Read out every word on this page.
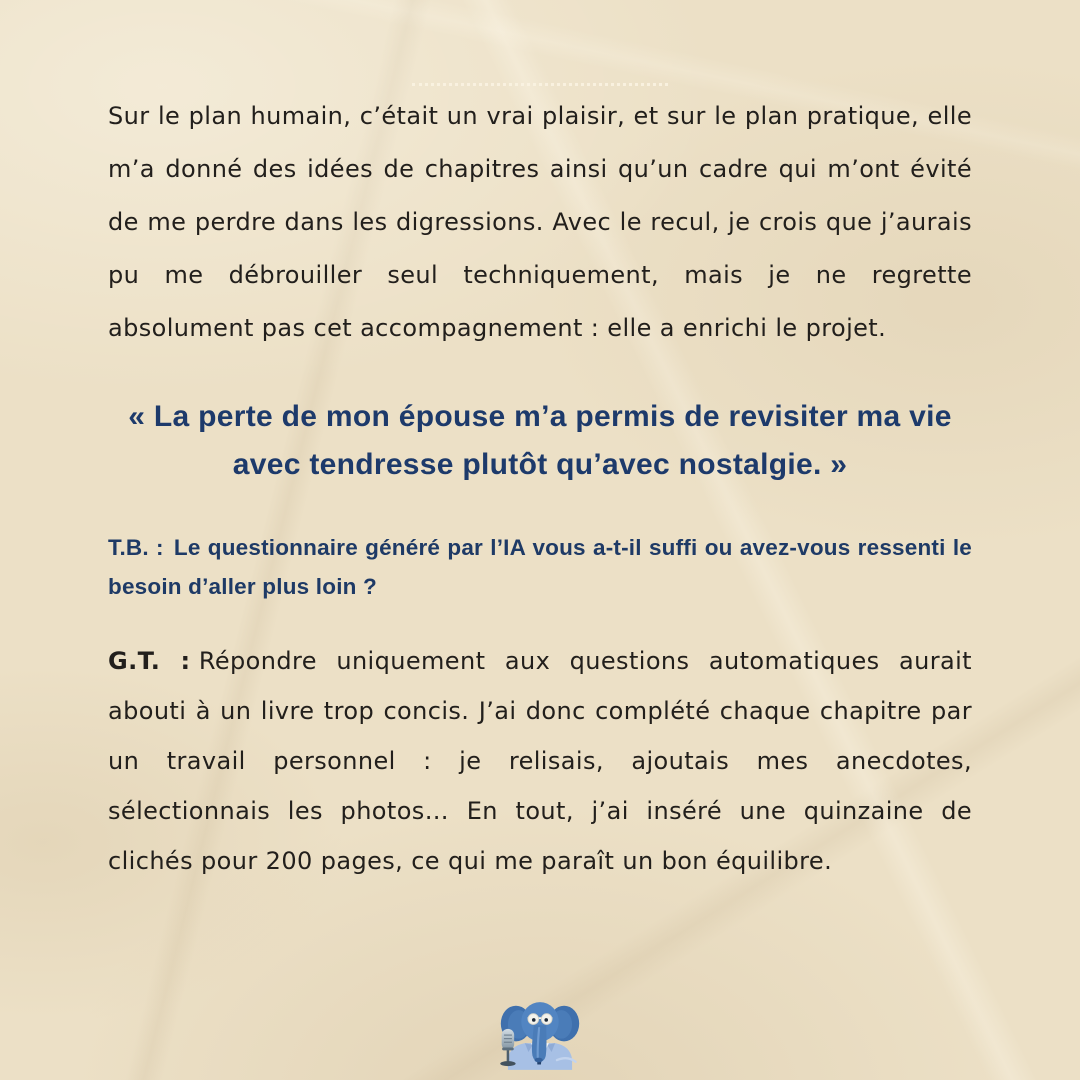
Sur le plan humain, c’était un vrai plaisir, et sur le plan pratique, elle m’a donné des idées de chapitres ainsi qu’un cadre qui m’ont évité de me perdre dans les digressions. Avec le recul, je crois que j’aurais pu me débrouiller seul techniquement, mais je ne regrette absolument pas cet accompagnement : elle a enrichi le projet.

« La perte de mon épouse m’a permis de revisiter ma vie avec tendresse plutôt qu’avec nostalgie. »

T.B. : Le questionnaire généré par l’IA vous a-t-il suffi ou avez-vous ressenti le besoin d’aller plus loin ?

G.T. : Répondre uniquement aux questions automatiques aurait abouti à un livre trop concis. J’ai donc complété chaque chapitre par un travail personnel : je relisais, ajoutais mes anecdotes, sélectionnais les photos… En tout, j’ai inséré une quinzaine de clichés pour 200 pages, ce qui me paraît un bon équilibre.
